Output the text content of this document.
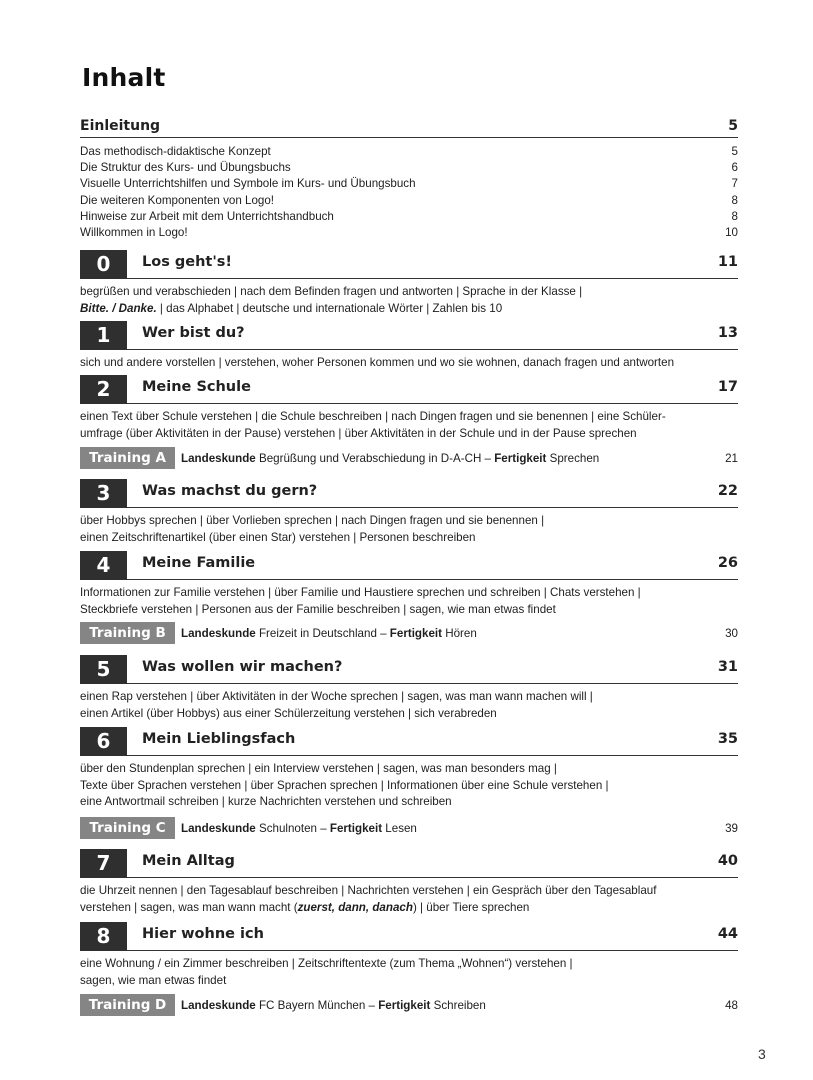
Inhalt
Einleitung	5
Das methodisch-didaktische Konzept	5
Die Struktur des Kurs- und Übungsbuchs	6
Visuelle Unterrichtshilfen und Symbole im Kurs- und Übungsbuch	7
Die weiteren Komponenten von Logo!	8
Hinweise zur Arbeit mit dem Unterrichtshandbuch	8
Willkommen in Logo!	10
0	Los geht's!	11

begrüßen und verabschieden | nach dem Befinden fragen und antworten | Sprache in der Klasse |

Bitte. / Danke. | das Alphabet | deutsche und internationale Wörter | Zahlen bis 10

1	Wer bist du?	13

sich und andere vorstellen | verstehen, woher Personen kommen und wo sie wohnen, danach fragen und antworten

2	Meine Schule	17

einen Text über Schule verstehen | die Schule beschreiben | nach Dingen fragen und sie benennen | eine Schüler-

umfrage (über Aktivitäten in der Pause) verstehen | über Aktivitäten in der Schule und in der Pause sprechen

Training A	Landeskunde Begrüßung und Verabschiedung in D-A-CH – Fertigkeit Sprechen	21
3	Was machst du gern?	22

über Hobbys sprechen | über Vorlieben sprechen | nach Dingen fragen und sie benennen |

einen Zeitschriftenartikel (über einen Star) verstehen | Personen beschreiben

4	Meine Familie	26

Informationen zur Familie verstehen | über Familie und Haustiere sprechen und schreiben | Chats verstehen |

Steckbriefe verstehen | Personen aus der Familie beschreiben | sagen, wie man etwas findet

Training B	Landeskunde Freizeit in Deutschland – Fertigkeit Hören	30
5	Was wollen wir machen?	31

einen Rap verstehen | über Aktivitäten in der Woche sprechen | sagen, was man wann machen will |

einen Artikel (über Hobbys) aus einer Schülerzeitung verstehen | sich verabreden

6	Mein Lieblingsfach	35

über den Stundenplan sprechen | ein Interview verstehen | sagen, was man besonders mag |

Texte über Sprachen verstehen | über Sprachen sprechen | Informationen über eine Schule verstehen |

eine Antwortmail schreiben | kurze Nachrichten verstehen und schreiben

Training C	Landeskunde Schulnoten – Fertigkeit Lesen	39
7	Mein Alltag	40

die Uhrzeit nennen | den Tagesablauf beschreiben | Nachrichten verstehen | ein Gespräch über den Tagesablauf

verstehen | sagen, was man wann macht (zuerst, dann, danach) | über Tiere sprechen

8	Hier wohne ich	44

eine Wohnung / ein Zimmer beschreiben | Zeitschriftentexte (zum Thema „Wohnen“) verstehen |

sagen, wie man etwas findet

Training D	Landeskunde FC Bayern München – Fertigkeit Schreiben	48
3
